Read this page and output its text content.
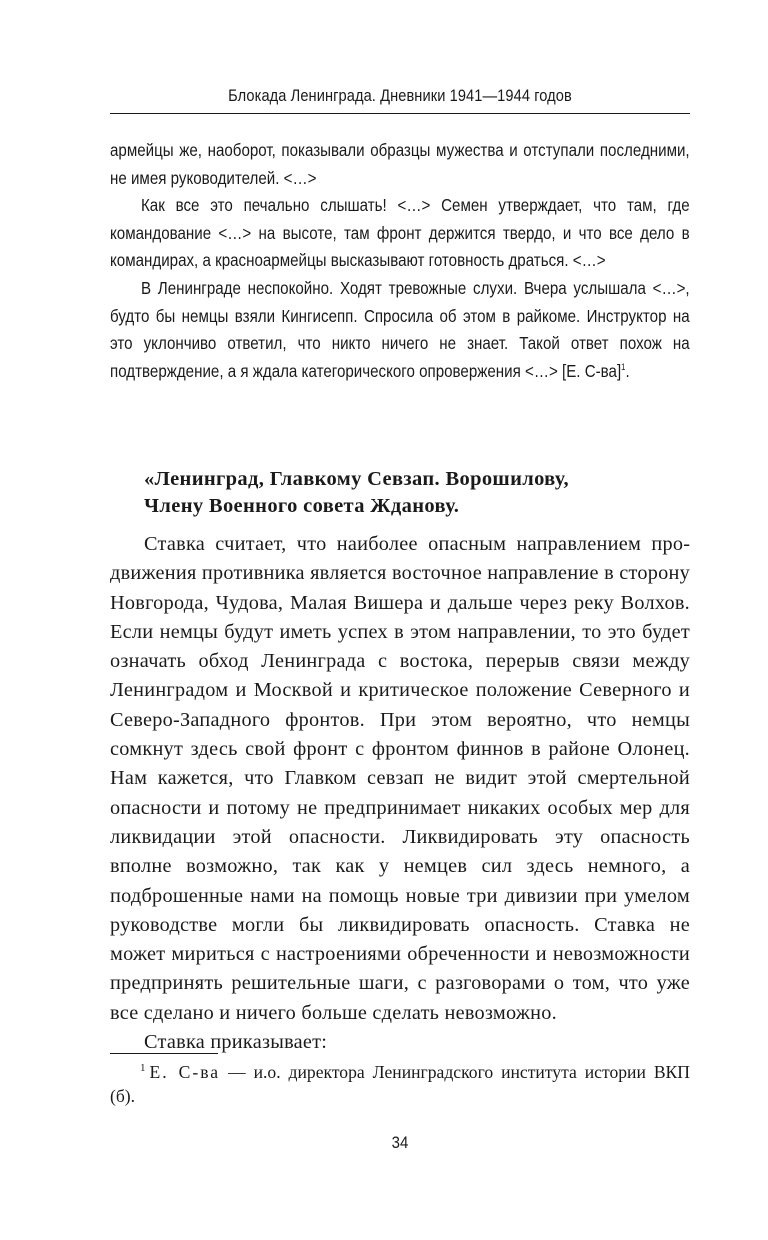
Блокада Ленинграда. Дневники 1941—1944 годов

армейцы же, наоборот, показывали образцы мужества и отступали последними, не имея руководителей. <…>

Как все это печально слышать! <…> Семен утверждает, что там, где командование <…> на высоте, там фронт держится твердо, и что все дело в командирах, а красноармейцы высказывают готовность драться. <…>

В Ленинграде неспокойно. Ходят тревожные слухи. Вчера услышала <…>, будто бы немцы взяли Кингисепп. Спросила об этом в райкоме. Инструктор на это уклончиво ответил, что никто ничего не знает. Такой ответ похож на подтверждение, а я ждала категорического опровержения <…> [Е. С-ва]$^1$.

«Ленинград, Главкому Севзап. Ворошилову,
Члену Военного совета Жданову.

Ставка считает, что наиболее опасным направлением продвижения противника является восточное направление в сторону Новгорода, Чудова, Малая Вишера и дальше через реку Волхов. Если немцы будут иметь успех в этом направлении, то это будет означать обход Ленинграда с востока, перерыв связи между Ленинградом и Москвой и критическое положение Северного и Северо-Западного фронтов. При этом вероятно, что немцы сомкнут здесь свой фронт с фронтом финнов в районе Олонец. Нам кажется, что Главком севзап не видит этой смертельной опасности и потому не предпринимает никаких особых мер для ликвидации этой опасности. Ликвидировать эту опасность вполне возможно, так как у немцев сил здесь немного, а подброшенные нами на помощь новые три дивизии при умелом руководстве могли бы ликвидировать опасность. Ставка не может мириться с настроениями обреченности и невозможности предпринять решительные шаги, с разговорами о том, что уже все сделано и ничего больше сделать невозможно.

Ставка приказывает:

$^1$ Е. С-ва — и.о. директора Ленинградского института истории ВКП (б).

34
